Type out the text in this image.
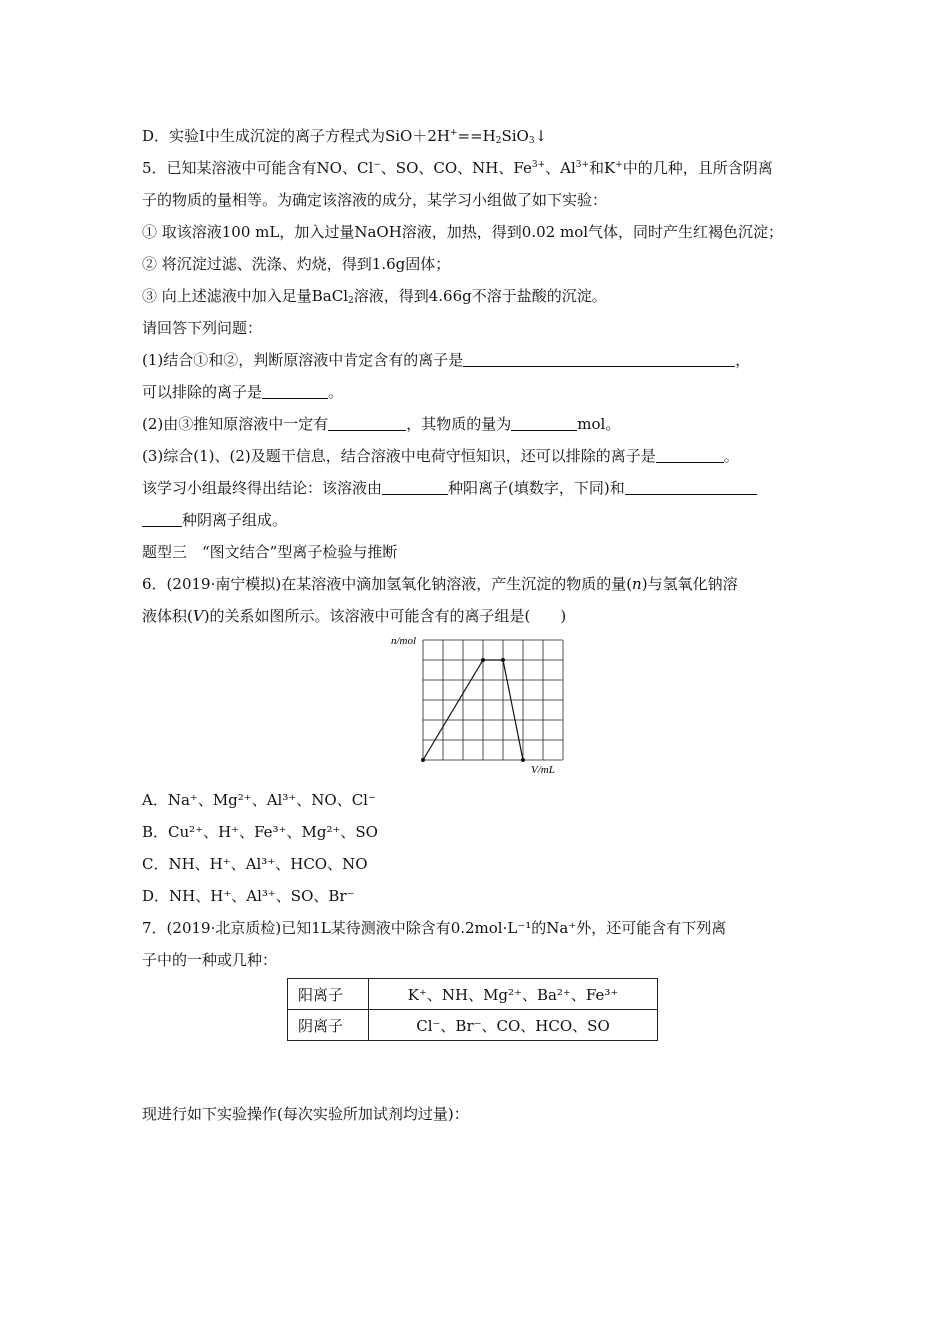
D．实验Ⅰ中生成沉淀的离子方程式为$SiO+2H^+==H_2SiO_3↓$
5．已知某溶液中可能含有NO、Cl−、SO、CO、NH、$Fe^{3+}$、$Al^{3+}$和K+中的几种，且所含阴离
子的物质的量相等。为确定该溶液的成分，某学习小组做了如下实验：
① 取该溶液100 mL，加入过量NaOH溶液，加热，得到0.02 mol气体，同时产生红褐色沉淀；
② 将沉淀过滤、洗涤、灼烧，得到1.6g固体；
③ 向上述滤液中加入足量BaCl$_2$溶液，得到4.66g不溶于盐酸的沉淀。
请回答下列问题：
(1)结合①和②，判断原溶液中肯定含有的离子是	，
可以排除的离子是	。
(2)由③推知原溶液中一定有	，其物质的量为	mol。
(3)综合(1)、(2)及题干信息，结合溶液中电荷守恒知识，还可以排除的离子是	。
该学习小组最终得出结论：该溶液由	种阳离子(填数字，下同)和
种阴离子组成。
题型三　“图文结合”型离子检验与推断
6．(2019·南宁模拟)在某溶液中滴加氢氧化钠溶液，产生沉淀的物质的量(n)与氢氧化钠溶
液体积(V)的关系如图所示。该溶液中可能含有的离子组是(　　)
n/mol
V/mL
A．Na⁺、Mg²⁺、Al³⁺、NO、Cl⁻
B．Cu²⁺、H⁺、Fe³⁺、Mg²⁺、SO
C．NH、H⁺、Al³⁺、HCO、NO
D．NH、H⁺、Al³⁺、SO、Br⁻
7．(2019·北京质检)已知1L某待测液中除含有0.2mol·L⁻¹的Na⁺外，还可能含有下列离
子中的一种或几种：
阳离子	K⁺、NH、Mg²⁺、Ba²⁺、Fe³⁺
阴离子	Cl⁻、Br⁻、CO、HCO、SO
现进行如下实验操作(每次实验所加试剂均过量)：
